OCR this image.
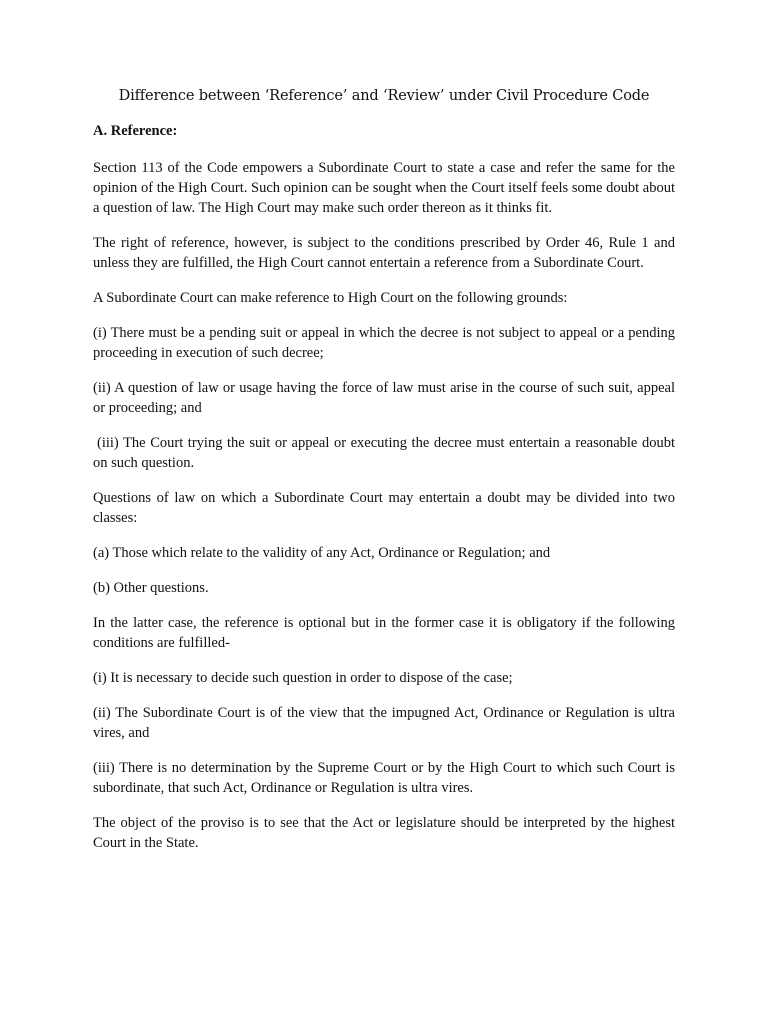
Difference between ‘Reference’ and ‘Review’ under Civil Procedure Code

A. Reference:

Section 113 of the Code empowers a Subordinate Court to state a case and refer the same for the opinion of the High Court. Such opinion can be sought when the Court itself feels some doubt about a question of law. The High Court may make such order thereon as it thinks fit.

The right of reference, however, is subject to the conditions prescribed by Order 46, Rule 1 and unless they are fulfilled, the High Court cannot entertain a reference from a Subordinate Court.

A Subordinate Court can make reference to High Court on the following grounds:

(i) There must be a pending suit or appeal in which the decree is not subject to appeal or a pending proceeding in execution of such decree;

(ii) A question of law or usage having the force of law must arise in the course of such suit, appeal or proceeding; and

(iii) The Court trying the suit or appeal or executing the decree must entertain a reasonable doubt on such question.

Questions of law on which a Subordinate Court may entertain a doubt may be divided into two classes:

(a) Those which relate to the validity of any Act, Ordinance or Regulation; and

(b) Other questions.

In the latter case, the reference is optional but in the former case it is obligatory if the following conditions are fulfilled-

(i) It is necessary to decide such question in order to dispose of the case;

(ii) The Subordinate Court is of the view that the impugned Act, Ordinance or Regulation is ultra vires, and

(iii) There is no determination by the Supreme Court or by the High Court to which such Court is subordinate, that such Act, Ordinance or Regulation is ultra vires.

The object of the proviso is to see that the Act or legislature should be interpreted by the highest Court in the State.
